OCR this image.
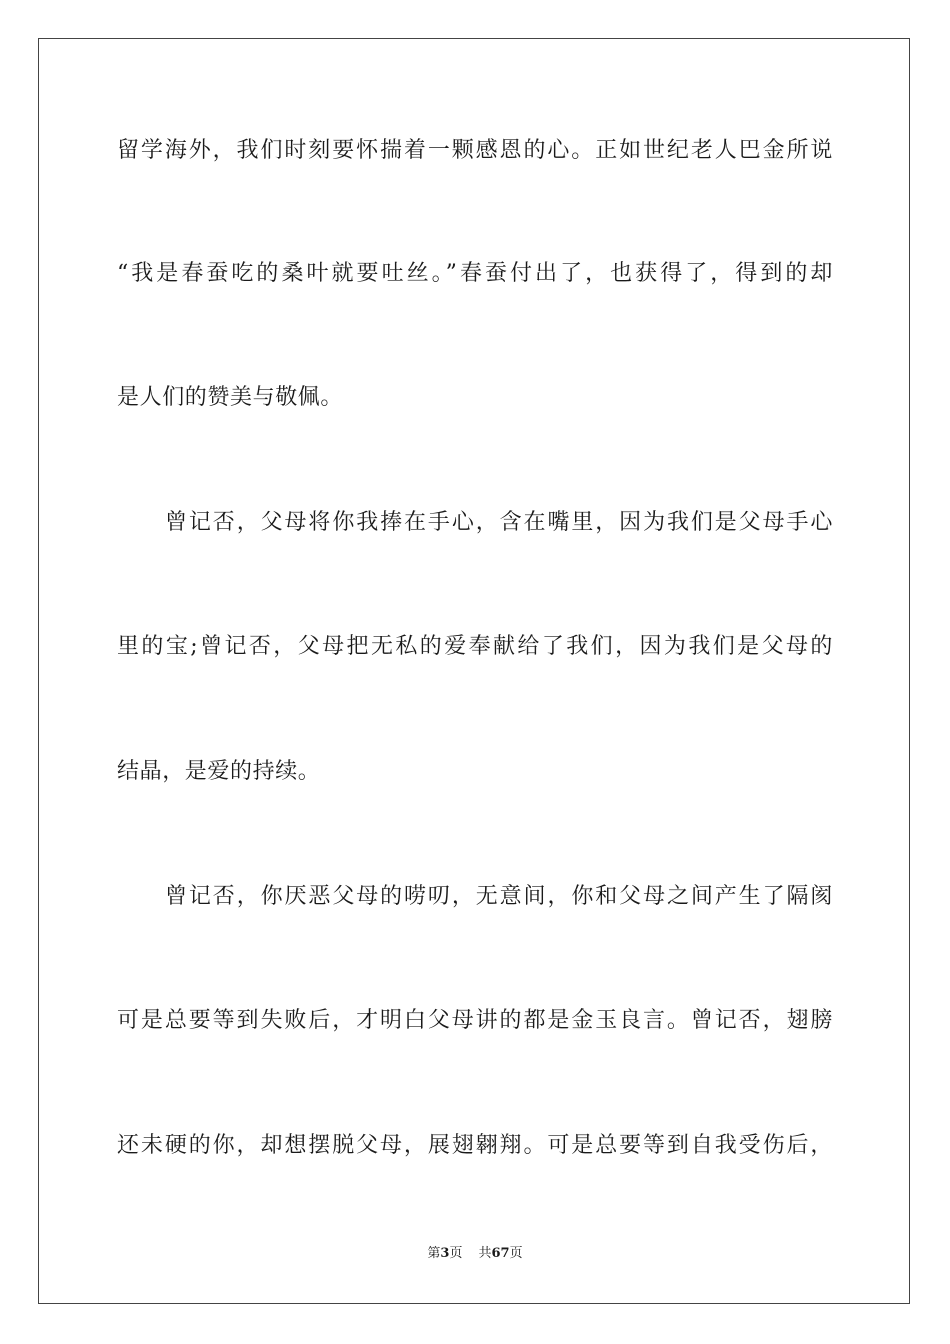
留学海外，我们时刻要怀揣着一颗感恩的心。正如世纪老人巴金所说
“我是春蚕吃的桑叶就要吐丝。”春蚕付出了，也获得了，得到的却
是人们的赞美与敬佩。
曾记否，父母将你我捧在手心，含在嘴里，因为我们是父母手心
里的宝;曾记否，父母把无私的爱奉献给了我们，因为我们是父母的
结晶，是爱的持续。
曾记否，你厌恶父母的唠叨，无意间，你和父母之间产生了隔阂
可是总要等到失败后，才明白父母讲的都是金玉良言。曾记否，翅膀
还未硬的你，却想摆脱父母，展翅翱翔。可是总要等到自我受伤后，
第3页 共67页
